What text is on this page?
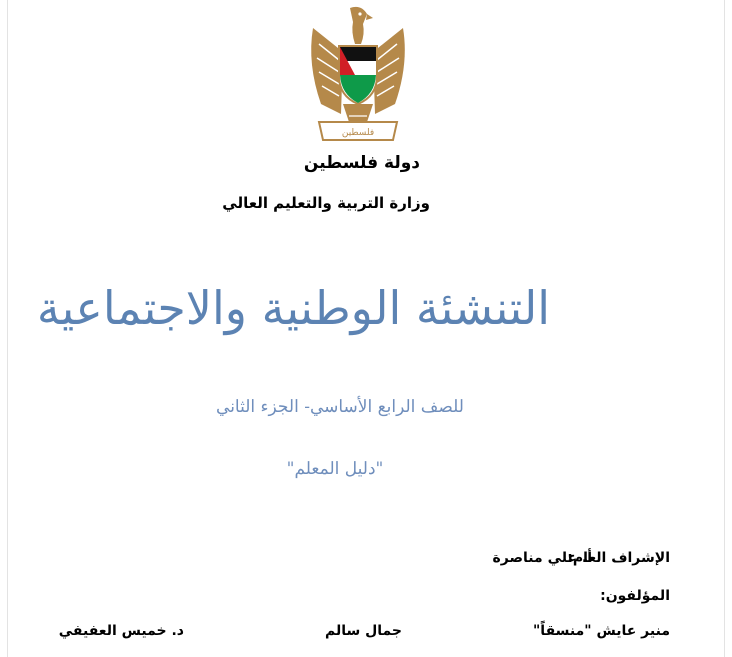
فلسطين
دولة فلسطين
وزارة التربية والتعليم العالي
التنشئة الوطنية والاجتماعية
للصف الرابع الأساسي- الجزء الثاني
"دليل المعلم"
الإشراف العام:
أ. علي مناصرة
المؤلفون:
منير عايش "منسقاً"
جمال سالم
د. خميس العفيفي
